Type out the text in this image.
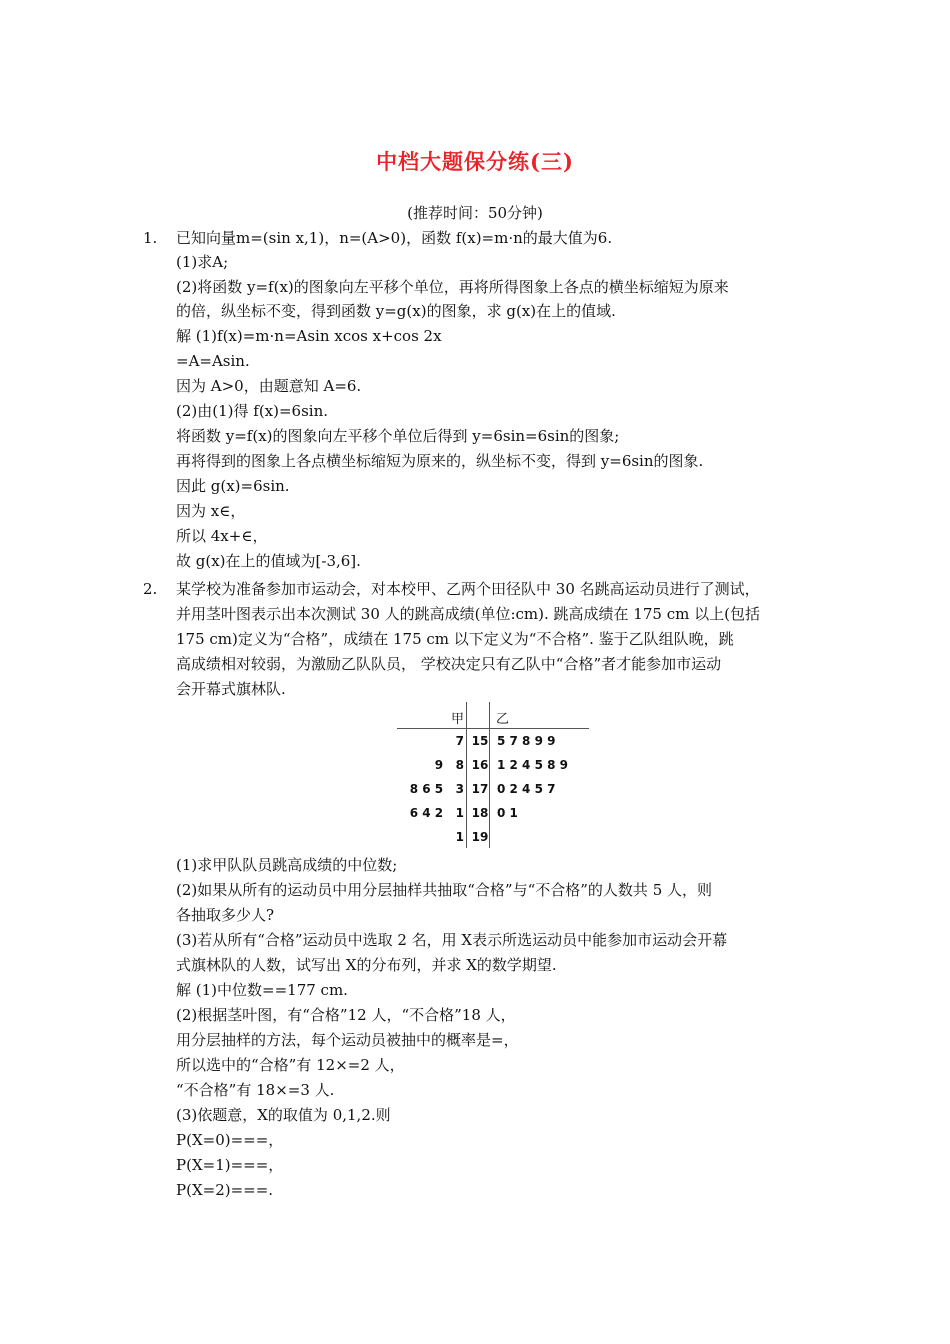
中档大题保分练(三)
(推荐时间：50分钟)
1. 已知向量m=(sin x,1)，n=(A>0)，函数 f(x)=m·n的最大值为6.
(1)求A;
(2)将函数 y=f(x)的图象向左平移个单位，再将所得图象上各点的横坐标缩短为原来
的倍，纵坐标不变，得到函数 y=g(x)的图象，求 g(x)在上的值域.
解 (1)f(x)=m·n=Asin xcos x+cos 2x
=A=Asin.
因为 A>0，由题意知 A=6.
(2)由(1)得 f(x)=6sin.
将函数 y=f(x)的图象向左平移个单位后得到 y=6sin=6sin的图象;
再将得到的图象上各点横坐标缩短为原来的，纵坐标不变，得到 y=6sin的图象.
因此 g(x)=6sin.
因为 x∈，
所以 4x+∈，
故 g(x)在上的值域为[-3,6].
2. 某学校为准备参加市运动会，对本校甲、乙两个田径队中 30 名跳高运动员进行了测试，
并用茎叶图表示出本次测试 30 人的跳高成绩(单位:cm). 跳高成绩在 175 cm 以上(包括
175 cm)定义为“合格”，成绩在 175 cm 以下定义为“不合格”. 鉴于乙队组队晚，跳
高成绩相对较弱，为激励乙队队员， 学校决定只有乙队中“合格”者才能参加市运动
会开幕式旗林队.
甲 乙
7 15 5 7 8 9 9
9   8 16 1 2 4 5 8 9
8 6 5   3 17 0 2 4 5 7
6 4 2   1 18 0 1
1 19
(1)求甲队队员跳高成绩的中位数;
(2)如果从所有的运动员中用分层抽样共抽取“合格”与“不合格”的人数共 5 人，则
各抽取多少人?
(3)若从所有“合格”运动员中选取 2 名，用 X表示所选运动员中能参加市运动会开幕
式旗林队的人数，试写出 X的分布列，并求 X的数学期望.
解 (1)中位数==177 cm.
(2)根据茎叶图，有“合格”12 人，“不合格”18 人，
用分层抽样的方法，每个运动员被抽中的概率是=，
所以选中的“合格”有 12×=2 人，
“不合格”有 18×=3 人.
(3)依题意，X的取值为 0,1,2.则
P(X=0)===，
P(X=1)===，
P(X=2)===.
